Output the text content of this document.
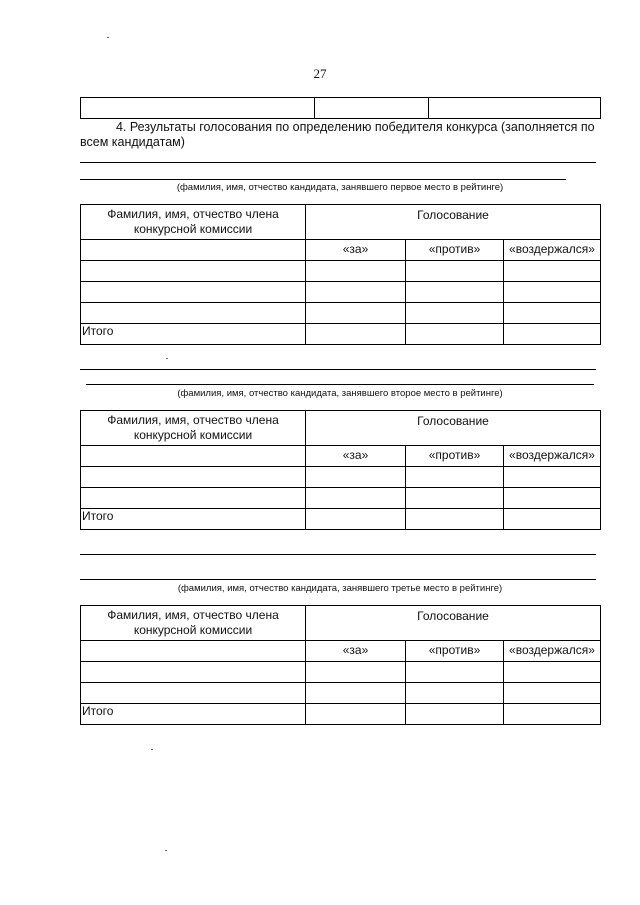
27

4. Результаты голосования по определению победителя конкурса (заполняется по всем кандидатам)
(фамилия, имя, отчество кандидата, занявшего первое место в рейтинге)
Фамилия, имя, отчество члена конкурсной комиссии	Голосование		
	«за»	«против»	«воздержался»

Итого			
(фамилия, имя, отчество кандидата, занявшего второе место в рейтинге)
Фамилия, имя, отчество члена конкурсной комиссии	Голосование		
	«за»	«против»	«воздержался»

Итого			
(фамилия, имя, отчество кандидата, занявшего третье место в рейтинге)
Фамилия, имя, отчество члена конкурсной комиссии	Голосование		
	«за»	«против»	«воздержался»

Итого			
